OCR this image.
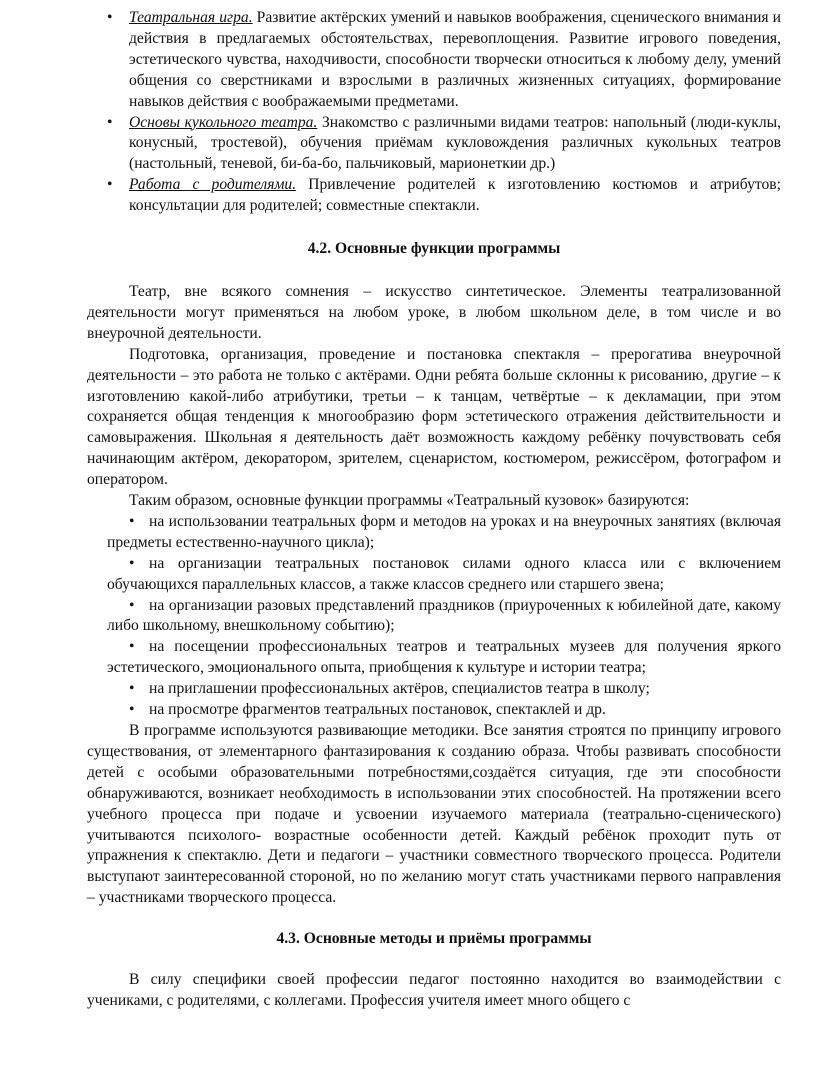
• Театральная игра. Развитие актёрских умений и навыков воображения, сценического внимания и действия в предлагаемых обстоятельствах, перевоплощения. Развитие игрового поведения, эстетического чувства, находчивости, способности творчески относиться к любому делу, умений общения со сверстниками и взрослыми в различных жизненных ситуациях, формирование навыков действия с воображаемыми предметами.

• Основы кукольного театра. Знакомство с различными видами театров: напольный (люди-куклы, конусный, тростевой), обучения приёмам кукловождения различных кукольных театров (настольный, теневой, би-ба-бо, пальчиковый, марионеткии др.)

• Работа с родителями. Привлечение родителей к изготовлению костюмов и атрибутов; консультации для родителей; совместные спектакли.

4.2. Основные функции программы

Театр, вне всякого сомнения – искусство синтетическое. Элементы театрализованной деятельности могут применяться на любом уроке, в любом школьном деле, в том числе и во внеурочной деятельности.

Подготовка, организация, проведение и постановка спектакля – прерогатива внеурочной деятельности – это работа не только с актёрами. Одни ребята больше склонны к рисованию, другие – к изготовлению какой-либо атрибутики, третьи – к танцам, четвёртые – к декламации, при этом сохраняется общая тенденция к многообразию форм эстетического отражения действительности и самовыражения. Школьная я деятельность даёт возможность каждому ребёнку почувствовать себя начинающим актёром, декоратором, зрителем, сценаристом, костюмером, режиссёром, фотографом и оператором.

Таким образом, основные функции программы «Театральный кузовок» базируются:

• на использовании театральных форм и методов на уроках и на внеурочных занятиях (включая предметы естественно-научного цикла);

• на организации театральных постановок силами одного класса или с включением обучающихся параллельных классов, а также классов среднего или старшего звена;

• на организации разовых представлений праздников (приуроченных к юбилейной дате, какому либо школьному, внешкольному событию);

• на посещении профессиональных театров и театральных музеев для получения яркого эстетического, эмоционального опыта, приобщения к культуре и истории театра;

• на приглашении профессиональных актёров, специалистов театра в школу;

• на просмотре фрагментов театральных постановок, спектаклей и др.

В программе используются развивающие методики. Все занятия строятся по принципу игрового существования, от элементарного фантазирования к созданию образа. Чтобы развивать способности детей с особыми образовательными потребностями,создаётся ситуация, где эти способности обнаруживаются, возникает необходимость в использовании этих способностей. На протяжении всего учебного процесса при подаче и усвоении изучаемого материала (театрально-сценического) учитываются психолого- возрастные особенности детей. Каждый ребёнок проходит путь от упражнения к спектаклю. Дети и педагоги – участники совместного творческого процесса. Родители выступают заинтересованной стороной, но по желанию могут стать участниками первого направления – участниками творческого процесса.

4.3. Основные методы и приёмы программы

В силу специфики своей профессии педагог постоянно находится во взаимодействии с учениками, с родителями, с коллегами. Профессия учителя имеет много общего с
